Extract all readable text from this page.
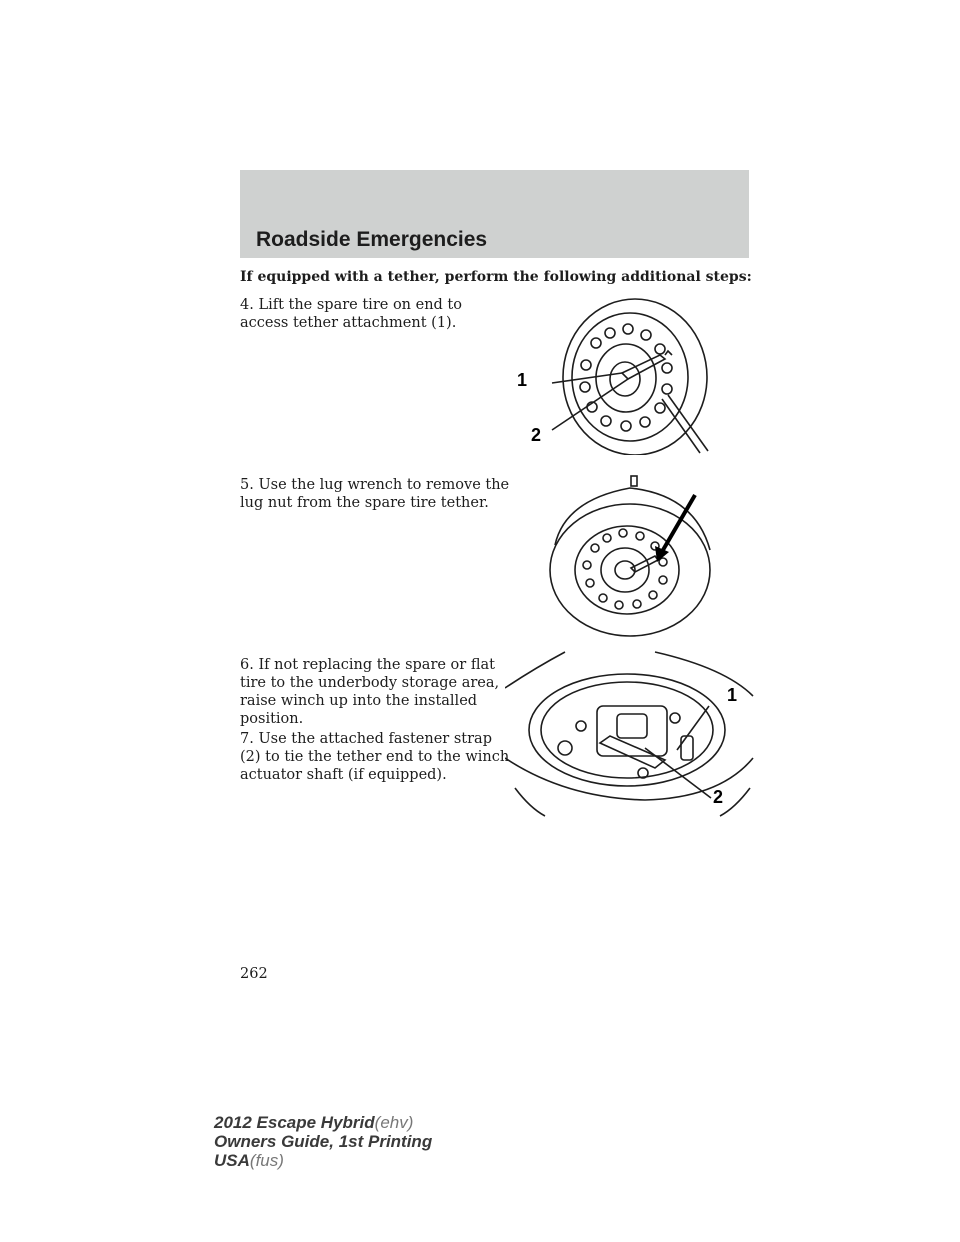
Roadside Emergencies
If equipped with a tether, perform the following additional steps:
4. Lift the spare tire on end to access tether attachment (1).
5. Use the lug wrench to remove the lug nut from the spare tire tether.
6. If not replacing the spare or flat tire to the underbody storage area, raise winch up into the installed position.
7. Use the attached fastener strap (2) to tie the tether end to the winch actuator shaft (if equipped).
1
2
1
2
262
2012 Escape Hybrid(ehv)
Owners Guide, 1st Printing
USA(fus)
